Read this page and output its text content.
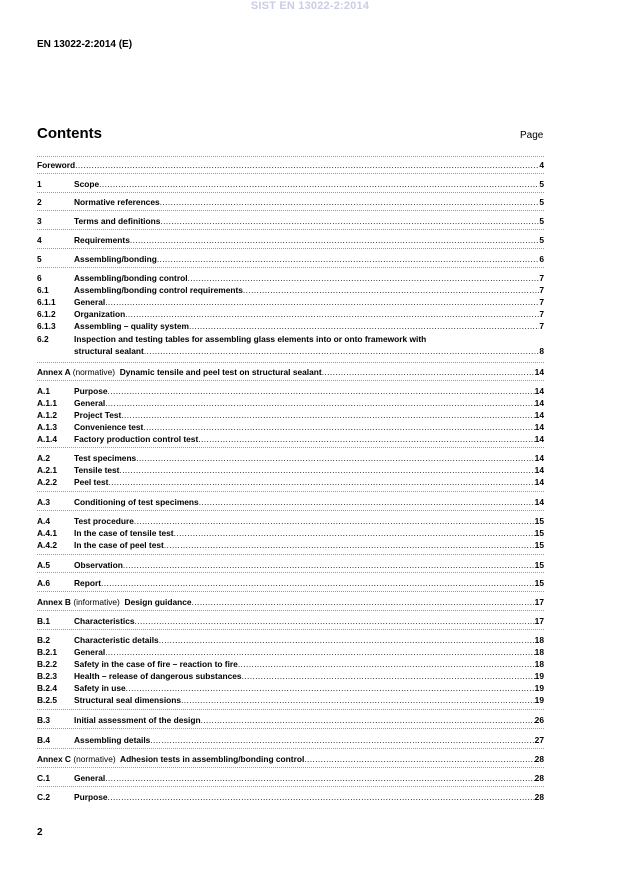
SIST EN 13022-2:2014
EN 13022-2:2014 (E)
Contents	Page
Foreword .....	4
1	Scope .....	5
2	Normative references .....	5
3	Terms and definitions .....	5
4	Requirements .....	5
5	Assembling/bonding .....	6
6	Assembling/bonding control .....	7
6.1	Assembling/bonding control requirements .....	7
6.1.1 General .....	7
6.1.2 Organization .....	7
6.1.3 Assembling – quality system .....	7
6.2	Inspection and testing tables for assembling glass elements into or onto framework with
structural sealant .....	8
Annex A (normative) Dynamic tensile and peel test on structural sealant .....	14
A.1	Purpose .....	14
A.1.1 General .....	14
A.1.2 Project Test .....	14
A.1.3 Convenience test .....	14
A.1.4 Factory production control test .....	14
A.2	Test specimens .....	14
A.2.1 Tensile test .....	14
A.2.2 Peel test .....	14
A.3	Conditioning of test specimens .....	14
A.4	Test procedure .....	15
A.4.1 In the case of tensile test .....	15
A.4.2 In the case of peel test .....	15
A.5	Observation .....	15
A.6	Report .....	15
Annex B (informative) Design guidance .....	17
B.1	Characteristics .....	17
B.2	Characteristic details .....	18
B.2.1 General .....	18
B.2.2 Safety in the case of fire – reaction to fire .....	18
B.2.3 Health – release of dangerous substances .....	19
B.2.4 Safety in use .....	19
B.2.5 Structural seal dimensions .....	19
B.3	Initial assessment of the design .....	26
B.4	Assembling details .....	27
Annex C (normative) Adhesion tests in assembling/bonding control .....	28
C.1	General .....	28
C.2	Purpose .....	28
2
